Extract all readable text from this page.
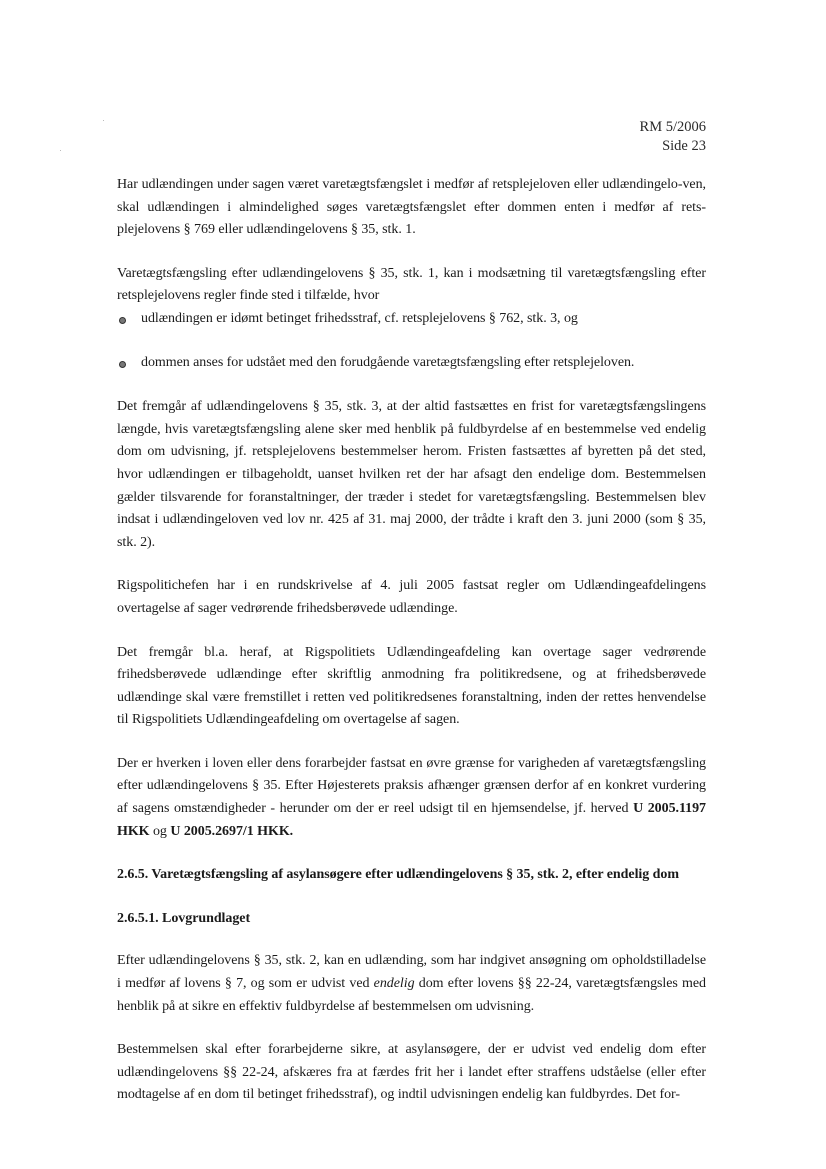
RM 5/2006
Side 23

Har udlændingen under sagen været varetægtsfængslet i medfør af retsplejeloven eller udlændingelo-ven, skal udlændingen i almindelighed søges varetægtsfængslet efter dommen enten i medfør af rets-plejelovens § 769 eller udlændingelovens § 35, stk. 1.

Varetægtsfængsling efter udlændingelovens § 35, stk. 1, kan i modsætning til varetægtsfængsling efter retsplejelovens regler finde sted i tilfælde, hvor

udlændingen er idømt betinget frihedsstraf, cf. retsplejelovens § 762, stk. 3, og
dommen anses for udstået med den forudgående varetægtsfængsling efter retsplejeloven.

Det fremgår af udlændingelovens § 35, stk. 3, at der altid fastsættes en frist for varetægtsfængslingens længde, hvis varetægtsfængsling alene sker med henblik på fuldbyrdelse af en bestemmelse ved endelig dom om udvisning, jf. retsplejelovens bestemmelser herom. Fristen fastsættes af byretten på det sted, hvor udlændingen er tilbageholdt, uanset hvilken ret der har afsagt den endelige dom. Bestemmelsen gælder tilsvarende for foranstaltninger, der træder i stedet for varetægtsfængsling. Bestemmelsen blev indsat i udlændingeloven ved lov nr. 425 af 31. maj 2000, der trådte i kraft den 3. juni 2000 (som § 35, stk. 2).

Rigspolitichefen har i en rundskrivelse af 4. juli 2005 fastsat regler om Udlændingeafdelingens overtagelse af sager vedrørende frihedsberøvede udlændinge.

Det fremgår bl.a. heraf, at Rigspolitiets Udlændingeafdeling kan overtage sager vedrørende frihedsberøvede udlændinge efter skriftlig anmodning fra politikredsene, og at frihedsberøvede udlændinge skal være fremstillet i retten ved politikredsenes foranstaltning, inden der rettes henvendelse til Rigspolitiets Udlændingeafdeling om overtagelse af sagen.

Der er hverken i loven eller dens forarbejder fastsat en øvre grænse for varigheden af varetægtsfængsling efter udlændingelovens § 35. Efter Højesterets praksis afhænger grænsen derfor af en konkret vurdering af sagens omstændigheder - herunder om der er reel udsigt til en hjemsendelse, jf. herved U 2005.1197 HKK og U 2005.2697/1 HKK.

2.6.5. Varetægtsfængsling af asylansøgere efter udlændingelovens § 35, stk. 2, efter endelig dom
2.6.5.1. Lovgrundlaget

Efter udlændingelovens § 35, stk. 2, kan en udlænding, som har indgivet ansøgning om opholdstilladelse i medfør af lovens § 7, og som er udvist ved endelig dom efter lovens §§ 22-24, varetægtsfængsles med henblik på at sikre en effektiv fuldbyrdelse af bestemmelsen om udvisning.

Bestemmelsen skal efter forarbejderne sikre, at asylansøgere, der er udvist ved endelig dom efter udlændingelovens §§ 22-24, afskæres fra at færdes frit her i landet efter straffens udståelse (eller efter modtagelse af en dom til betinget frihedsstraf), og indtil udvisningen endelig kan fuldbyrdes. Det for-
